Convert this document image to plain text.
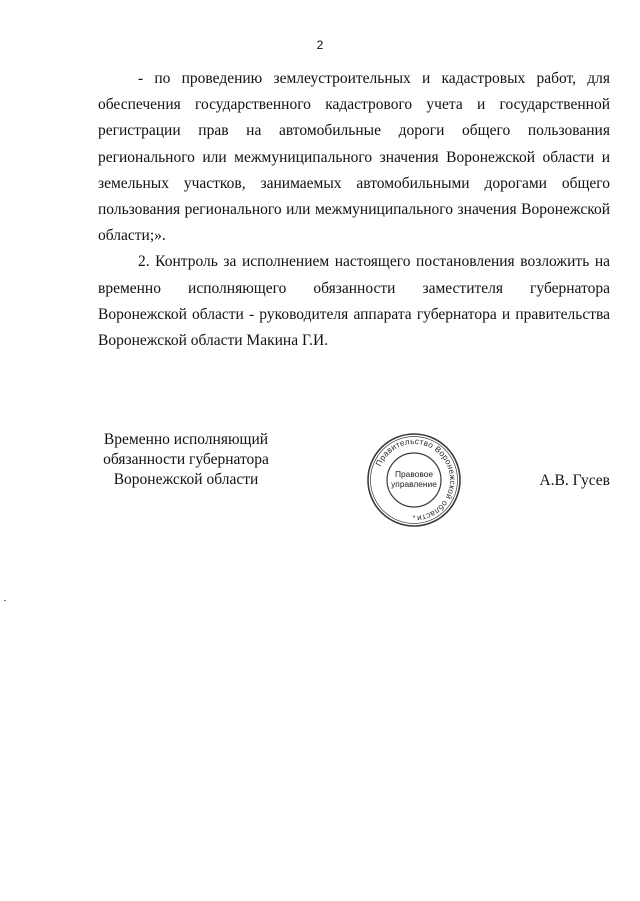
2

- по проведению землеустроительных и кадастровых работ, для обеспечения государственного кадастрового учета и государственной регистрации прав на автомобильные дороги общего пользования регионального или межмуниципального значения Воронежской области и земельных участков, занимаемых автомобильными дорогами общего пользования регионального или межмуниципального значения Воронежской области;».

2. Контроль за исполнением настоящего постановления возложить на временно исполняющего обязанности заместителя губернатора Воронежской области - руководителя аппарата губернатора и правительства Воронежской области Макина Г.И.

Временно исполняющий
обязанности губернатора
Воронежской области
Правительство Воронежской области
Правовое
управление
*
А.В. Гусев
